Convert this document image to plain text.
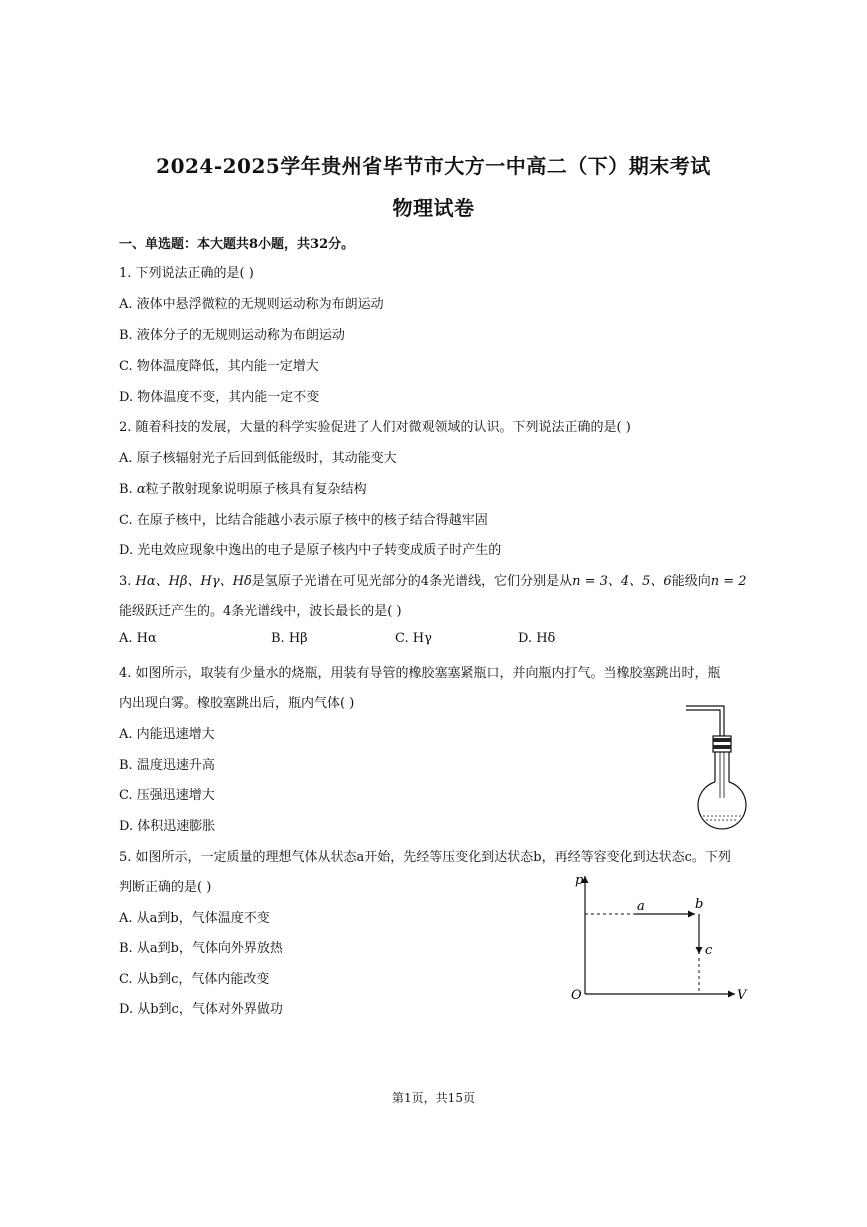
2024-2025学年贵州省毕节市大方一中高二（下）期末考试
物理试卷
一、单选题：本大题共8小题，共32分。
1. 下列说法正确的是( )
A. 液体中悬浮微粒的无规则运动称为布朗运动
B. 液体分子的无规则运动称为布朗运动
C. 物体温度降低，其内能一定增大
D. 物体温度不变，其内能一定不变
2. 随着科技的发展，大量的科学实验促进了人们对微观领域的认识。下列说法正确的是( )
A. 原子核辐射光子后回到低能级时，其动能变大
B. α粒子散射现象说明原子核具有复杂结构
C. 在原子核中，比结合能越小表示原子核中的核子结合得越牢固
D. 光电效应现象中逸出的电子是原子核内中子转变成质子时产生的
3. Hα、Hβ、Hγ、Hδ是氢原子光谱在可见光部分的4条光谱线，它们分别是从n = 3、4、5、6能级向n = 2
能级跃迁产生的。4条光谱线中，波长最长的是( )
A. Hα	B. Hβ	C. Hγ	D. Hδ
4. 如图所示，取装有少量水的烧瓶，用装有导管的橡胶塞塞紧瓶口，并向瓶内打气。当橡胶塞跳出时，瓶
内出现白雾。橡胶塞跳出后，瓶内气体( )
A. 内能迅速增大
B. 温度迅速升高
C. 压强迅速增大
D. 体积迅速膨胀
5. 如图所示，一定质量的理想气体从状态a开始，先经等压变化到达状态b，再经等容变化到达状态c。下列
判断正确的是( )
A. 从a到b，气体温度不变
B. 从a到b，气体向外界放热
C. 从b到c，气体内能改变
D. 从b到c，气体对外界做功
p
V
O
a	b
c
第1页，共15页
